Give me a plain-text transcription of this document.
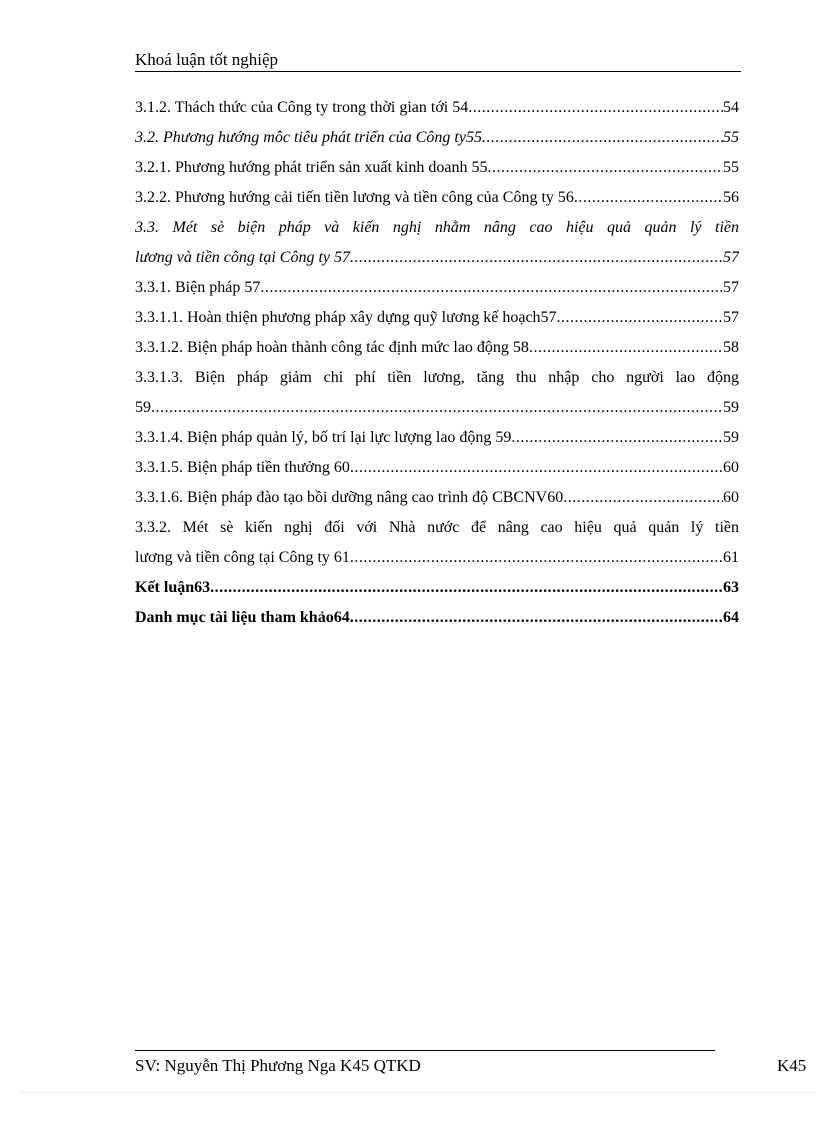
Khoá luận tốt nghiệp
3.1.2. Thách thức của Công ty trong thời gian tới 54 .....	54
3.2. Phương hướng môc tiêu phát triển của Công ty55 .....	55
3.2.1. Phương hướng phát triển sản xuất kinh doanh 55 .....	55
3.2.2. Phương hướng cải tiến tiền lương và tiền công của Công ty 56 .....	56
3.3. Mét sè biện pháp và kiến nghị nhằm nâng cao hiệu quả quản lý tiền
lương và tiền công tại Công ty 57 .....	57
3.3.1. Biện pháp 57 .....	57
3.3.1.1. Hoàn thiện phương pháp xây dựng quỹ lương kế hoạch57 .....	57
3.3.1.2. Biện pháp hoàn thành công tác định mức lao động 58 .....	58
3.3.1.3. Biện pháp giảm chi phí tiền lương, tăng thu nhập cho người lao động
59 .....	59
3.3.1.4. Biện pháp quản lý, bố trí lại lực lượng lao động 59 .....	59
3.3.1.5. Biện pháp tiền thưởng 60 .....	60
3.3.1.6. Biện pháp đào tạo bồi dưỡng nâng cao trình độ CBCNV60 .....	60
3.3.2. Mét sè kiến nghị đối với Nhà nước để nâng cao hiệu quả quản lý tiền
lương và tiền công tại Công ty 61 .....	61
Kết luận63 .....	63
Danh mục tài liệu tham khảo64 .....	64
SV: Nguyễn Thị Phương Nga K45 QTKD	K45
